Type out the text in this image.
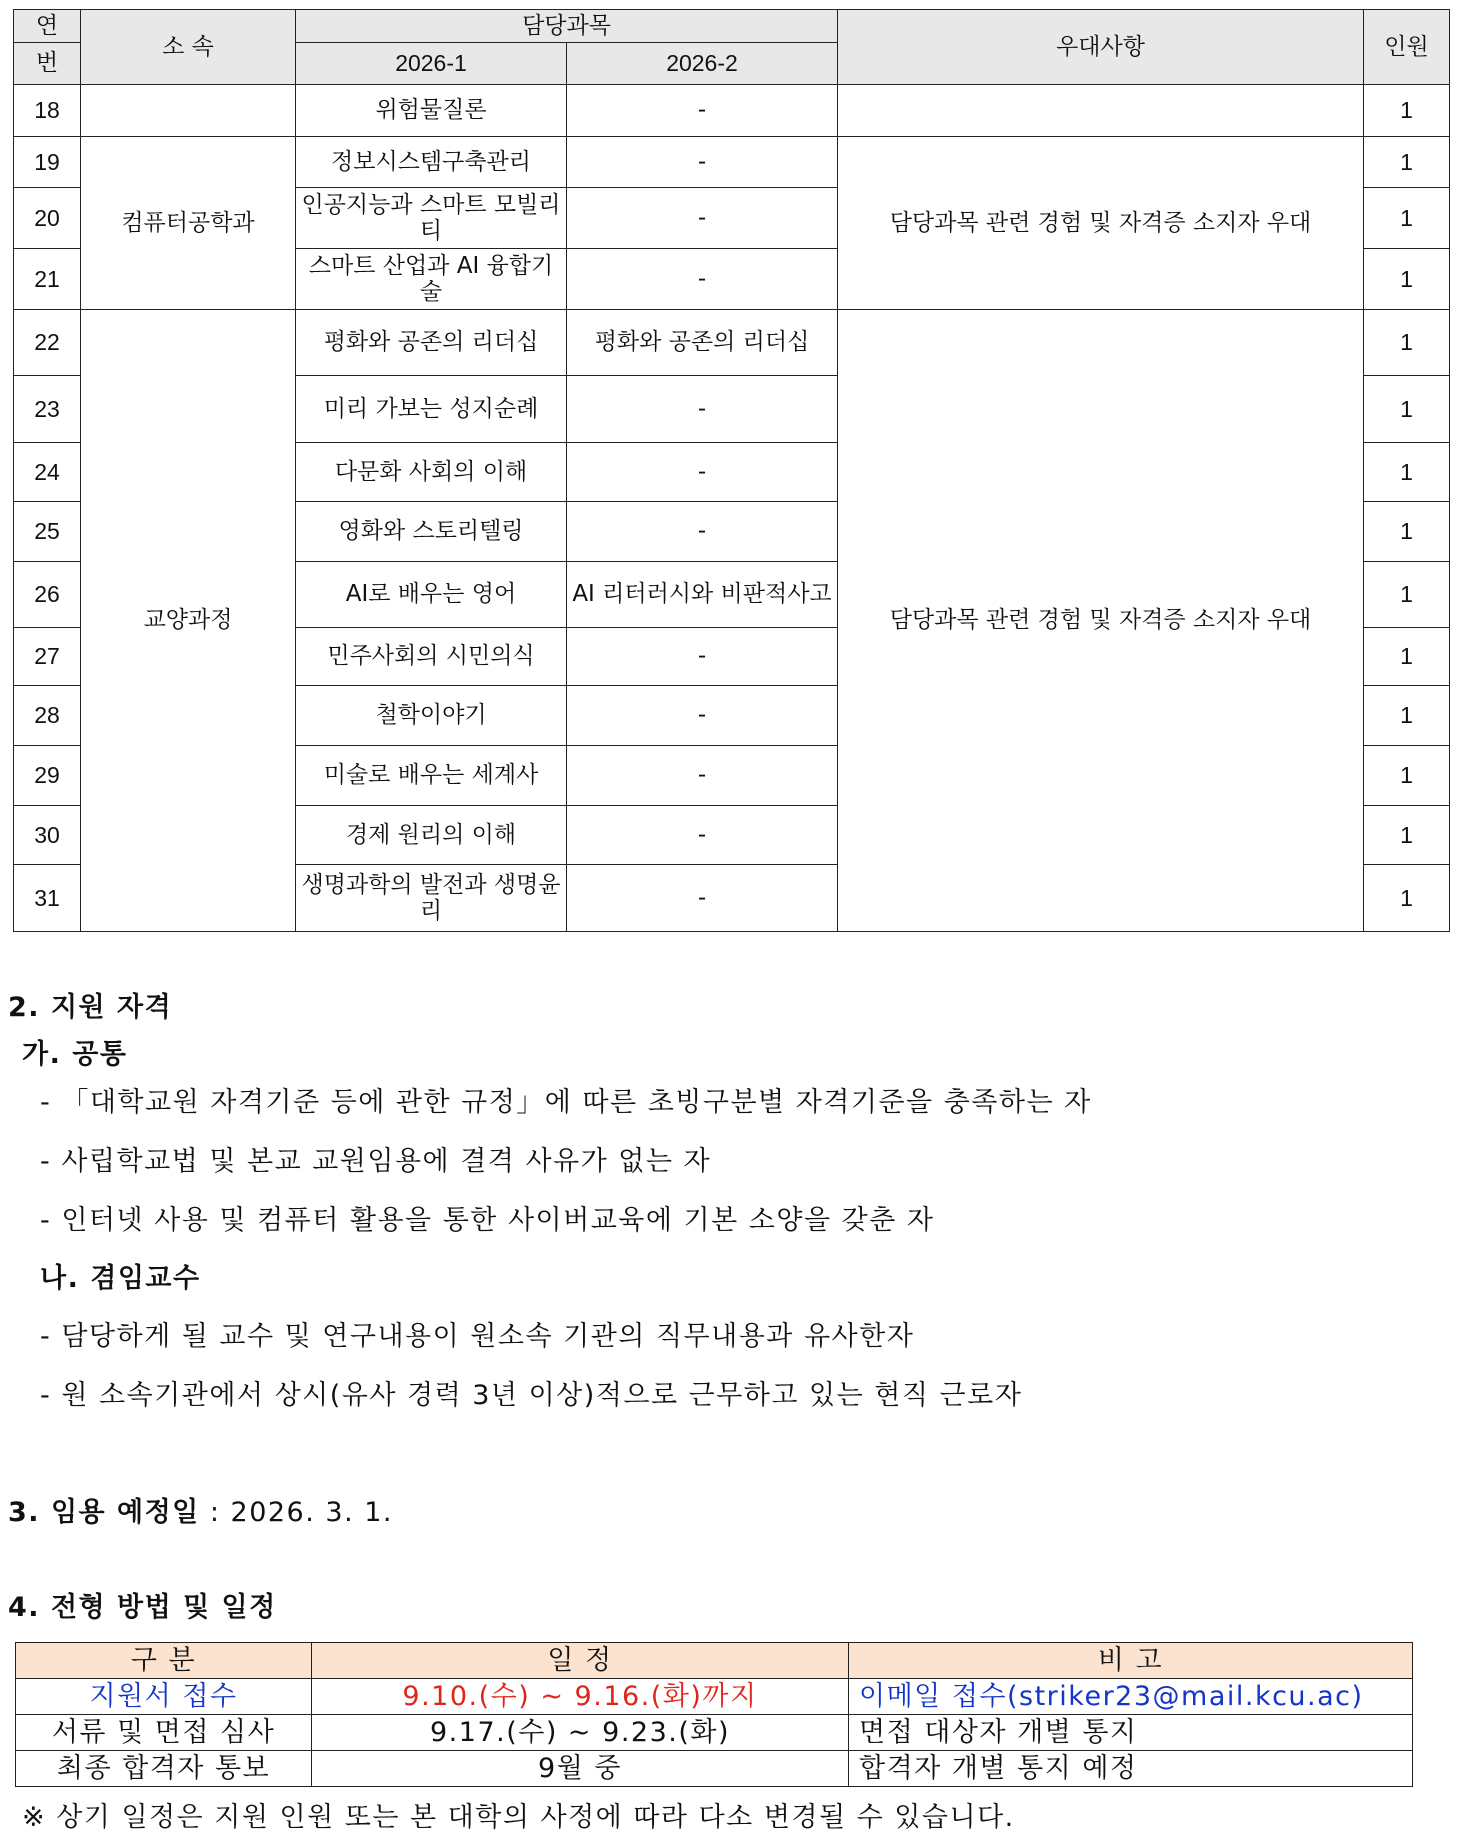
연	소 속	담당과목		우대사항	인원
번		2026-1	2026-2		
18		위험물질론	-		1
19	컴퓨터공학과	정보시스템구축관리	-	담당과목 관련 경험 및 자격증 소지자 우대	1
20		인공지능과 스마트 모빌리티	-		1
21		스마트 산업과 AI 융합기술	-		1
22	교양과정	평화와 공존의 리더십	평화와 공존의 리더십	담당과목 관련 경험 및 자격증 소지자 우대	1
23		미리 가보는 성지순례	-		1
24		다문화 사회의 이해	-		1
25		영화와 스토리텔링	-		1
26		AI로 배우는 영어	AI 리터러시와 비판적사고		1
27		민주사회의 시민의식	-		1
28		철학이야기	-		1
29		미술로 배우는 세계사	-		1
30		경제 원리의 이해	-		1
31		생명과학의 발전과 생명윤리	-		1
2. 지원 자격
가. 공통
- 「대학교원 자격기준 등에 관한 규정」에 따른 초빙구분별 자격기준을 충족하는 자
- 사립학교법 및 본교 교원임용에 결격 사유가 없는 자
- 인터넷 사용 및 컴퓨터 활용을 통한 사이버교육에 기본 소양을 갖춘 자
나. 겸임교수
- 담당하게 될 교수 및 연구내용이 원소속 기관의 직무내용과 유사한자
- 원 소속기관에서 상시(유사 경력 3년 이상)적으로 근무하고 있는 현직 근로자
3. 임용 예정일 : 2026. 3. 1.
4. 전형 방법 및 일정
구 분	일 정	비 고
지원서 접수	9.10.(수) ~ 9.16.(화)까지	이메일 접수(striker23@mail.kcu.ac)
서류 및 면접 심사	9.17.(수) ~ 9.23.(화)	면접 대상자 개별 통지
최종 합격자 통보	9월 중	합격자 개별 통지 예정
※ 상기 일정은 지원 인원 또는 본 대학의 사정에 따라 다소 변경될 수 있습니다.
